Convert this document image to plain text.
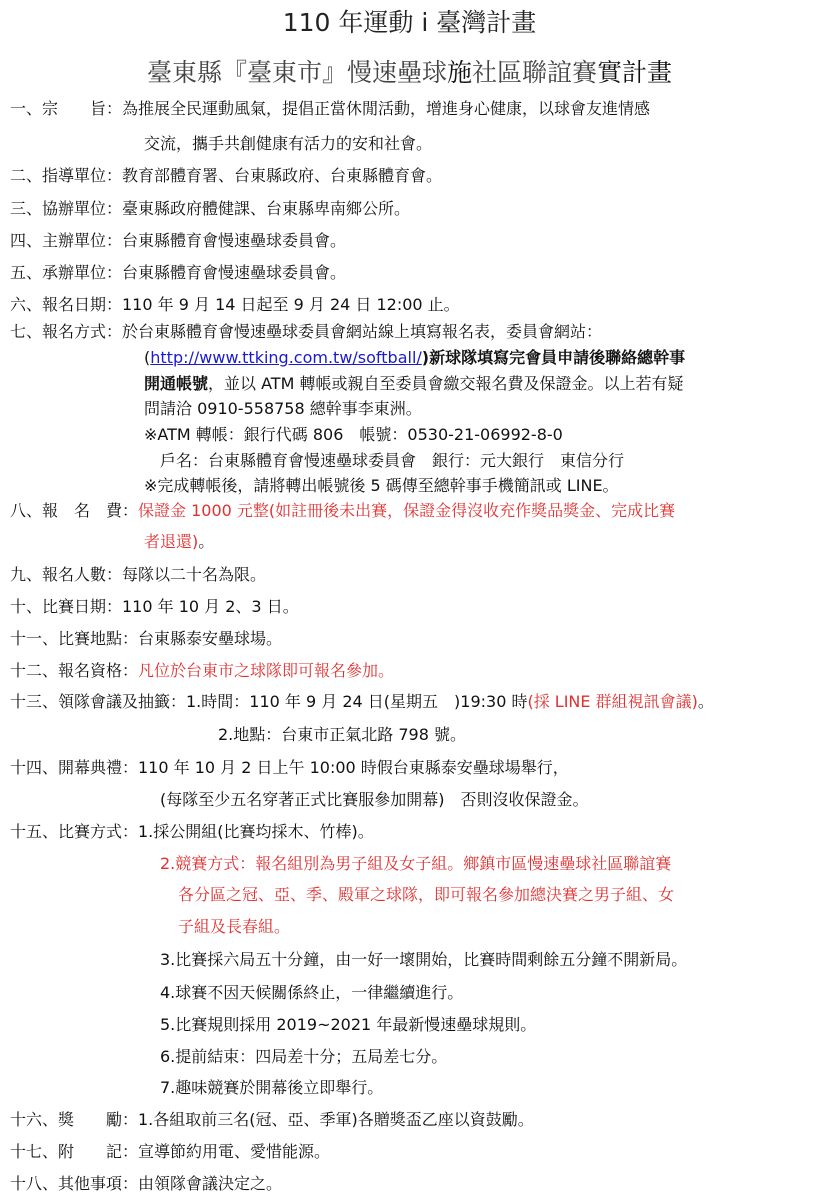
110 年運動 i 臺灣計畫
臺東縣『臺東市』慢速壘球施社區聯誼賽實計畫
一、宗　　旨：為推展全民運動風氣，提倡正當休閒活動，增進身心健康，以球會友進情感
交流，攜手共創健康有活力的安和社會。
二、指導單位：教育部體育署、台東縣政府、台東縣體育會。
三、協辦單位：臺東縣政府體健課、台東縣卑南鄉公所。
四、主辦單位：台東縣體育會慢速壘球委員會。
五、承辦單位：台東縣體育會慢速壘球委員會。
六、報名日期：110 年 9 月 14 日起至 9 月 24 日 12:00 止。
七、報名方式：於台東縣體育會慢速壘球委員會網站線上填寫報名表，委員會網站：
(http://www.ttking.com.tw/softball/)新球隊填寫完會員申請後聯絡總幹事
開通帳號，並以 ATM 轉帳或親自至委員會繳交報名費及保證金。以上若有疑
問請洽 0910-558758 總幹事李東洲。
※ATM 轉帳：銀行代碼 806　帳號：0530-21-06992-8-0
戶名：台東縣體育會慢速壘球委員會　銀行：元大銀行　東信分行
※完成轉帳後，請將轉出帳號後 5 碼傳至總幹事手機簡訊或 LINE。
八、報　名　費：保證金 1000 元整(如註冊後未出賽，保證金得沒收充作獎品獎金、完成比賽
者退還)。
九、報名人數：每隊以二十名為限。
十、比賽日期：110 年 10 月 2、3 日。
十一、比賽地點：台東縣泰安壘球場。
十二、報名資格：凡位於台東市之球隊即可報名參加。
十三、領隊會議及抽籤：1.時間：110 年 9 月 24 日(星期五　)19:30 時(採 LINE 群組視訊會議)。
2.地點：台東市正氣北路 798 號。
十四、開幕典禮：110 年 10 月 2 日上午 10:00 時假台東縣泰安壘球場舉行，
(每隊至少五名穿著正式比賽服參加開幕)　否則沒收保證金。
十五、比賽方式：1.採公開組(比賽均採木、竹棒)。
2.競賽方式：報名組別為男子組及女子組。鄉鎮市區慢速壘球社區聯誼賽
各分區之冠、亞、季、殿軍之球隊，即可報名參加總決賽之男子組、女
子組及長春組。
3.比賽採六局五十分鐘，由一好一壞開始，比賽時間剩餘五分鐘不開新局。
4.球賽不因天候關係終止，一律繼續進行。
5.比賽規則採用 2019~2021 年最新慢速壘球規則。
6.提前結束：四局差十分；五局差七分。
7.趣味競賽於開幕後立即舉行。
十六、獎　　勵：1.各組取前三名(冠、亞、季軍)各贈獎盃乙座以資鼓勵。
十七、附　　記：宣導節約用電、愛惜能源。
十八、其他事項：由領隊會議決定之。
